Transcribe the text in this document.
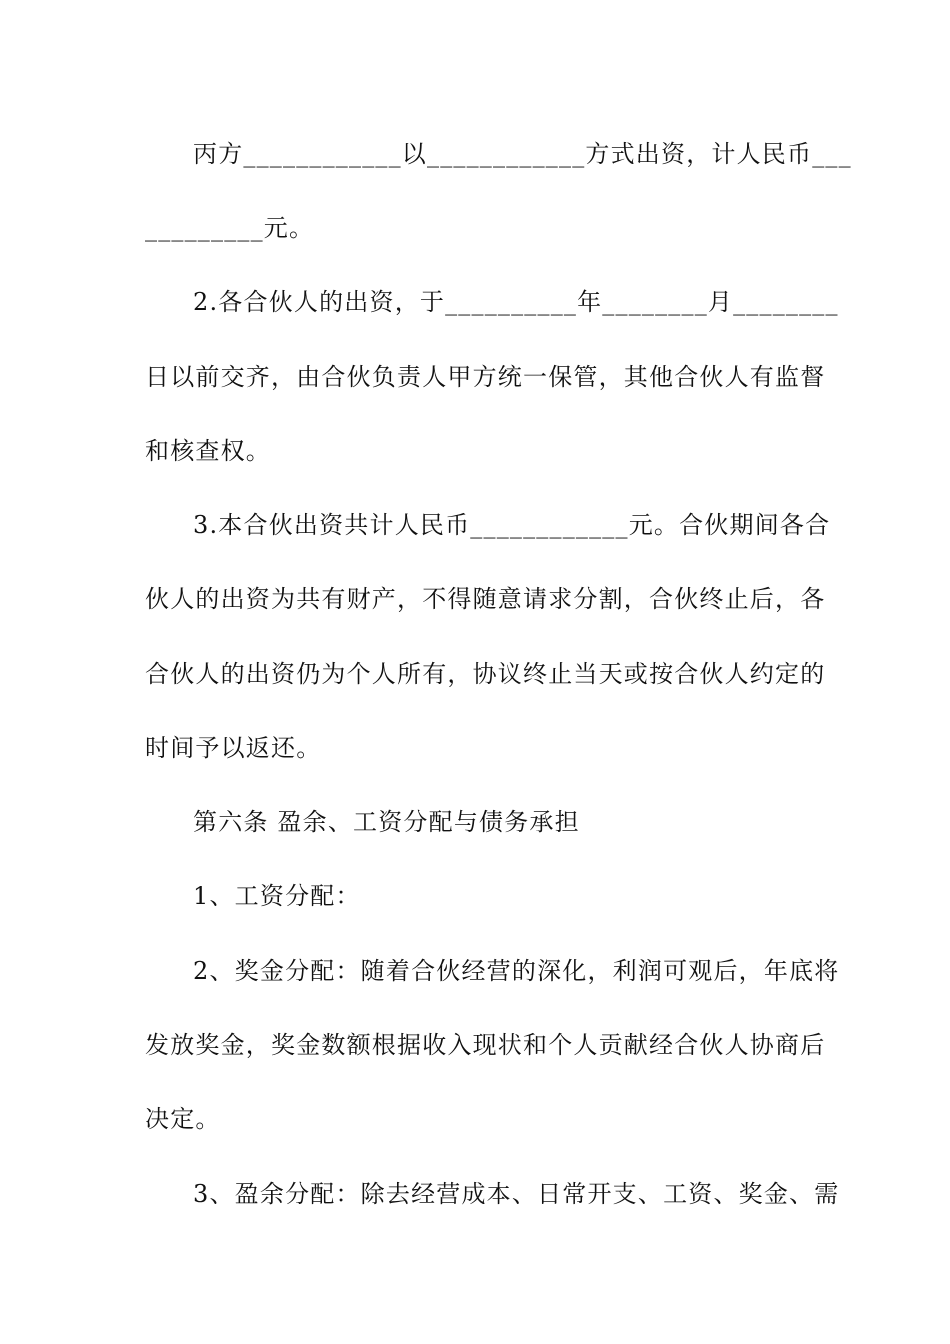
丙方____________以____________方式出资，计人民币___
_________元。
2.各合伙人的出资，于__________年________月________
日以前交齐，由合伙负责人甲方统一保管，其他合伙人有监督
和核查权。
3.本合伙出资共计人民币____________元。合伙期间各合
伙人的出资为共有财产，不得随意请求分割，合伙终止后，各
合伙人的出资仍为个人所有，协议终止当天或按合伙人约定的
时间予以返还。
第六条 盈余、工资分配与债务承担
1、工资分配：
2、奖金分配：随着合伙经营的深化，利润可观后，年底将
发放奖金，奖金数额根据收入现状和个人贡献经合伙人协商后
决定。
3、盈余分配：除去经营成本、日常开支、工资、奖金、需
